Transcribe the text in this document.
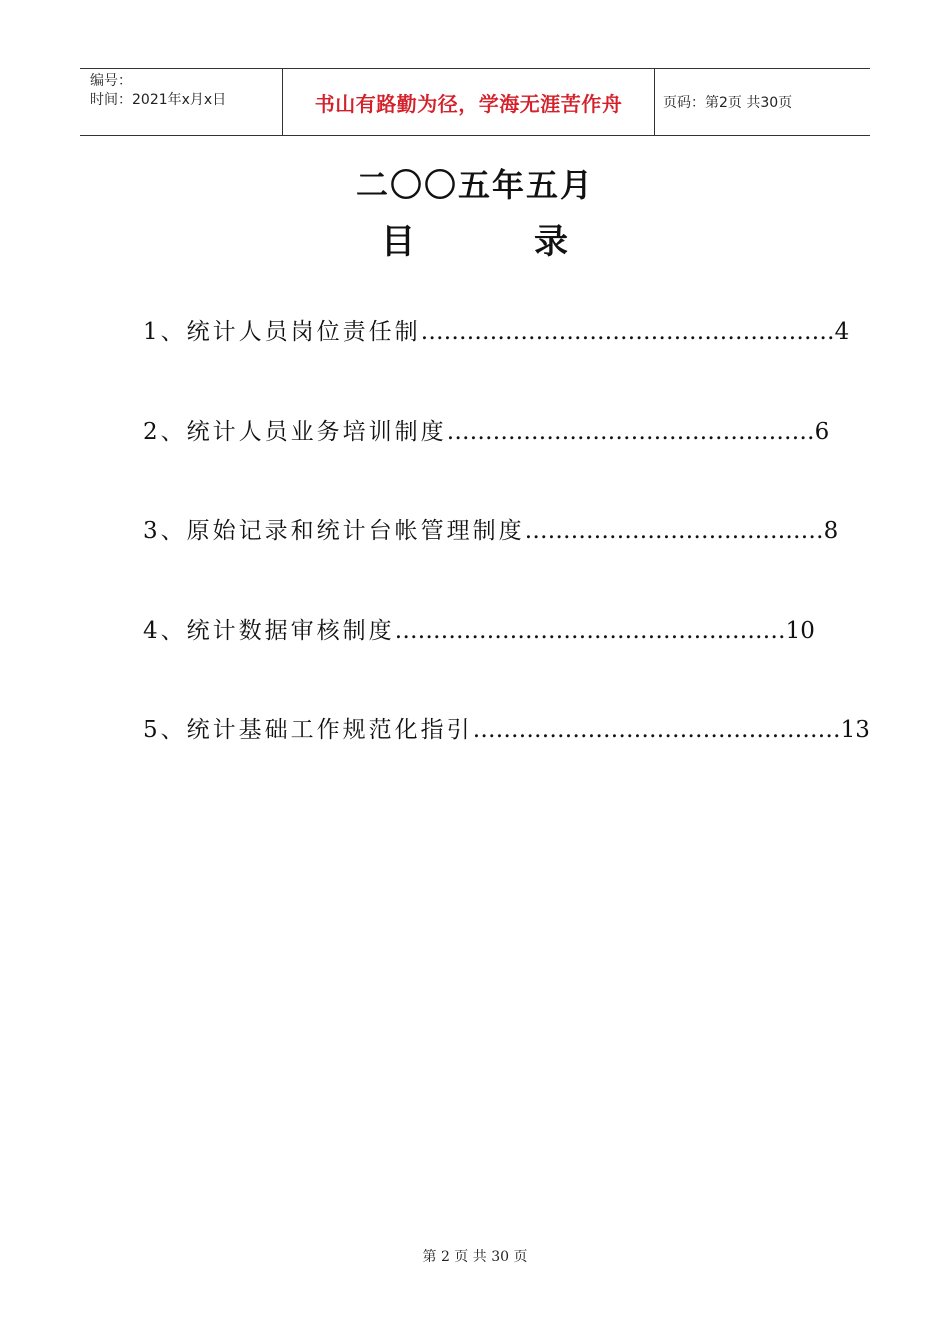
编号：
时间：2021年x月x日	书山有路勤为径，学海无涯苦作舟	页码：第2页 共30页
二〇〇五年五月
目	录
1、统计人员岗位责任制………………………………………………4
2、统计人员业务培训制度…………………………………………6
3、原始记录和统计台帐管理制度…………………………………8
4、统计数据审核制度……………………………………………10
5、统计基础工作规范化指引…………………………………………13
第 2 页 共 30 页
